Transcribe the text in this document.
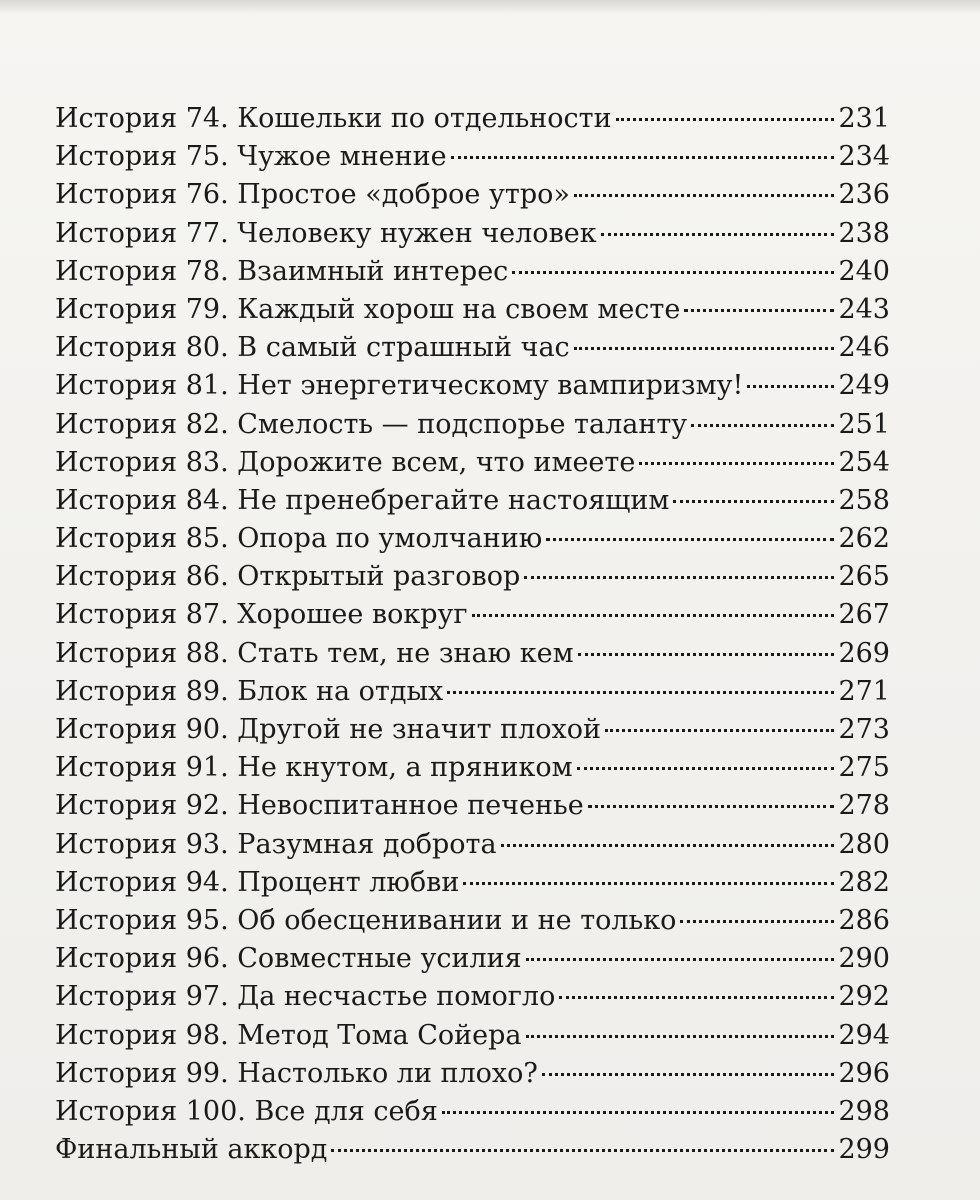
История 74. Кошельки по отдельности	231
История 75. Чужое мнение	234
История 76. Простое «доброе утро»	236
История 77. Человеку нужен человек	238
История 78. Взаимный интерес	240
История 79. Каждый хорош на своем месте	243
История 80. В самый страшный час	246
История 81. Нет энергетическому вампиризму!	249
История 82. Смелость — подспорье таланту	251
История 83. Дорожите всем, что имеете	254
История 84. Не пренебрегайте настоящим	258
История 85. Опора по умолчанию	262
История 86. Открытый разговор	265
История 87. Хорошее вокруг	267
История 88. Стать тем, не знаю кем	269
История 89. Блок на отдых	271
История 90. Другой не значит плохой	273
История 91. Не кнутом, а пряником	275
История 92. Невоспитанное печенье	278
История 93. Разумная доброта	280
История 94. Процент любви	282
История 95. Об обесценивании и не только	286
История 96. Совместные усилия	290
История 97. Да несчастье помогло	292
История 98. Метод Тома Сойера	294
История 99. Настолько ли плохо?	296
История 100. Все для себя	298
Финальный аккорд	299
